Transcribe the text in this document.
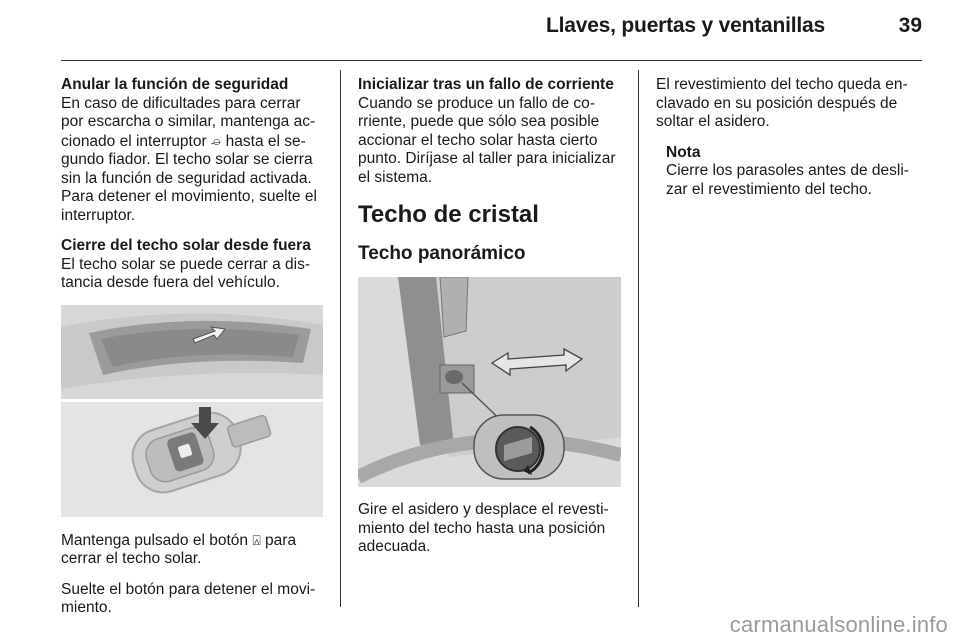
Llaves, puertas y ventanillas	39

Anular la función de seguridad
En caso de dificultades para cerrar por escarcha o similar, mantenga accionado el interruptor ⌮ hasta el segundo fiador. El techo solar se cierra sin la función de seguridad activada. Para detener el movimiento, suelte el interruptor.

Cierre del techo solar desde fuera
El techo solar se puede cerrar a distancia desde fuera del vehículo.

Mantenga pulsado el botón ⍓ para cerrar el techo solar.

Suelte el botón para detener el movimiento.

Inicializar tras un fallo de corriente
Cuando se produce un fallo de corriente, puede que sólo sea posible accionar el techo solar hasta cierto punto. Diríjase al taller para inicializar el sistema.

Techo de cristal
Techo panorámico

Gire el asidero y desplace el revestimiento del techo hasta una posición adecuada.

El revestimiento del techo queda enclavado en su posición después de soltar el asidero.

Nota
Cierre los parasoles antes de deslizar el revestimiento del techo.
carmanualsonline.info
